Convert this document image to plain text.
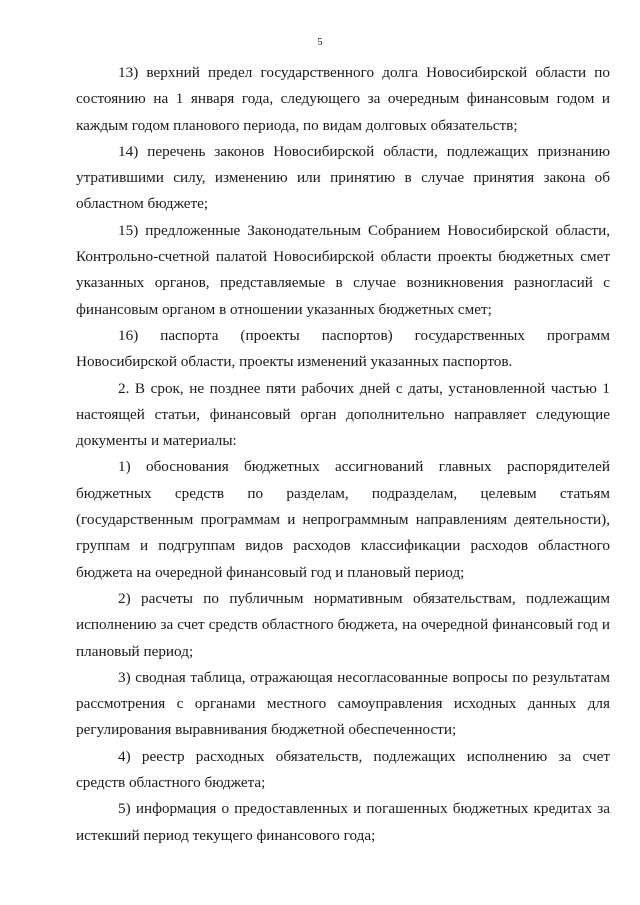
5

13) верхний предел государственного долга Новосибирской области по состоянию на 1 января года, следующего за очередным финансовым годом и каждым годом планового периода, по видам долговых обязательств;

14) перечень законов Новосибирской области, подлежащих признанию утратившими силу, изменению или принятию в случае принятия закона об областном бюджете;

15) предложенные Законодательным Собранием Новосибирской области, Контрольно-счетной палатой Новосибирской области проекты бюджетных смет указанных органов, представляемые в случае возникновения разногласий с финансовым органом в отношении указанных бюджетных смет;

16) паспорта (проекты паспортов) государственных программ Новосибирской области, проекты изменений указанных паспортов.

2. В срок, не позднее пяти рабочих дней с даты, установленной частью 1 настоящей статьи, финансовый орган дополнительно направляет следующие документы и материалы:

1) обоснования бюджетных ассигнований главных распорядителей бюджетных средств по разделам, подразделам, целевым статьям (государственным программам и непрограммным направлениям деятельности), группам и подгруппам видов расходов классификации расходов областного бюджета на очередной финансовый год и плановый период;

2) расчеты по публичным нормативным обязательствам, подлежащим исполнению за счет средств областного бюджета, на очередной финансовый год и плановый период;

3) сводная таблица, отражающая несогласованные вопросы по результатам рассмотрения с органами местного самоуправления исходных данных для регулирования выравнивания бюджетной обеспеченности;

4) реестр расходных обязательств, подлежащих исполнению за счет средств областного бюджета;

5) информация о предоставленных и погашенных бюджетных кредитах за истекший период текущего финансового года;
